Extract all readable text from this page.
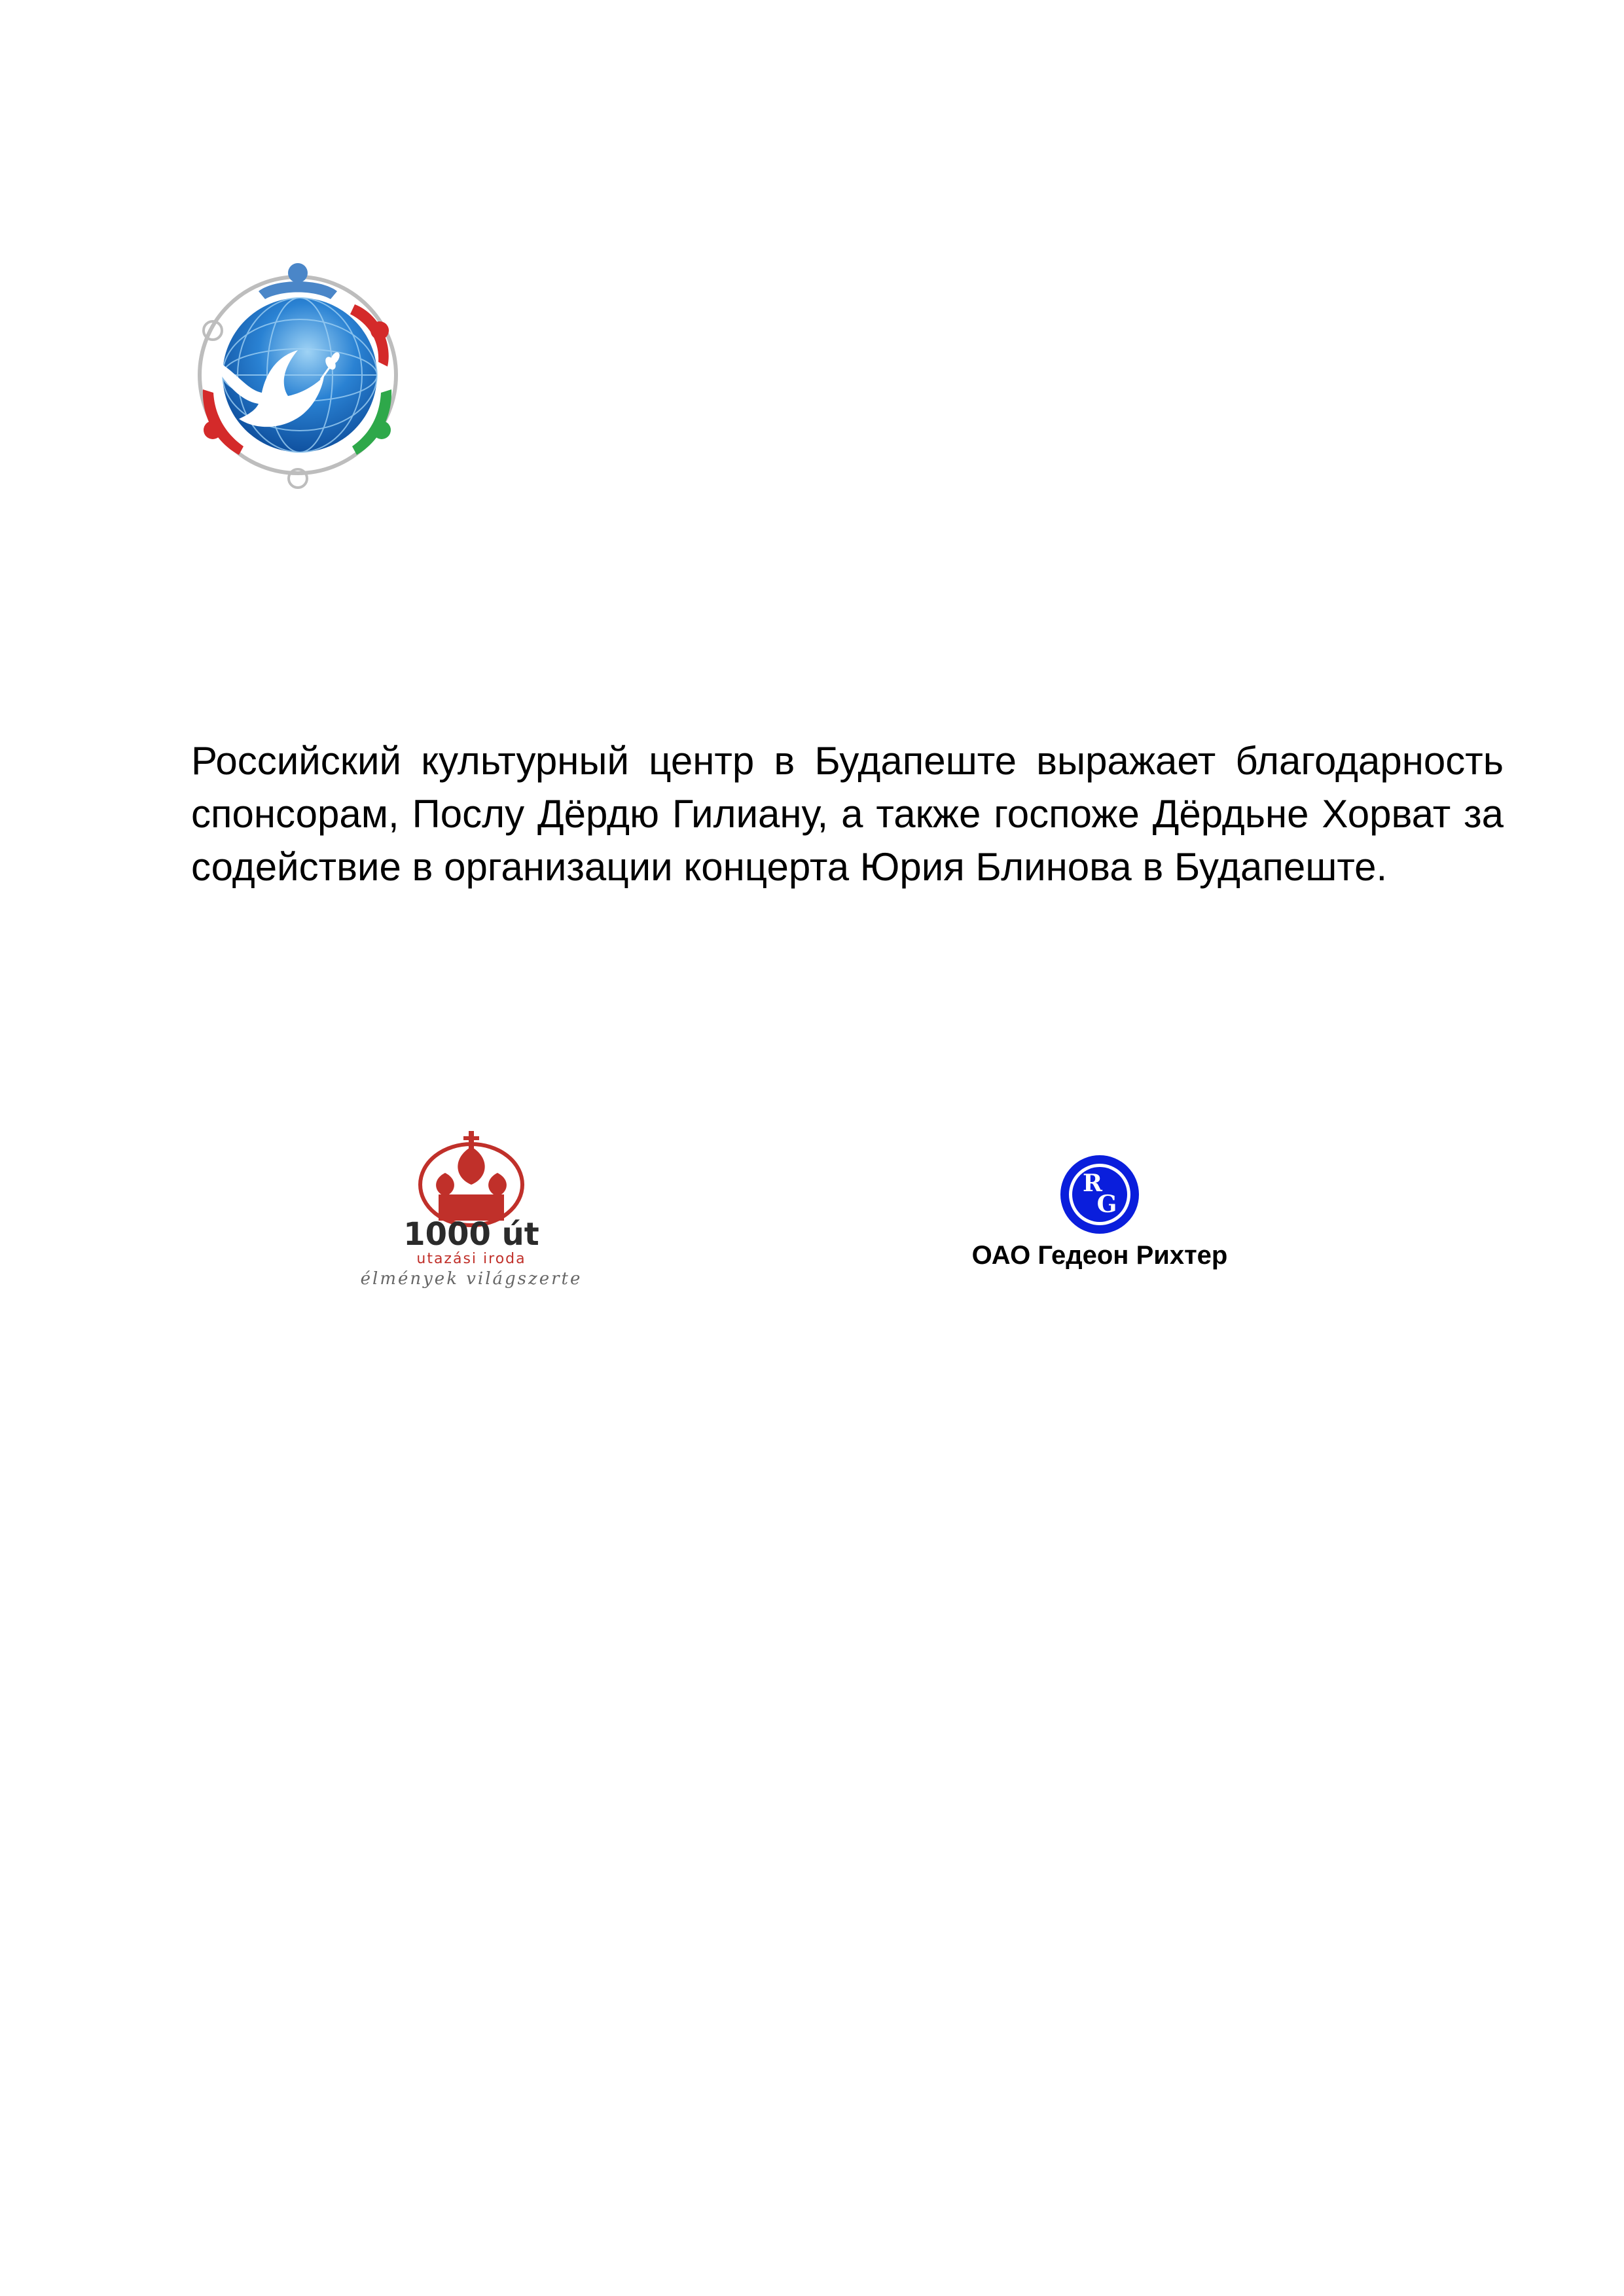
Российский культурный центр в Будапеште выражает благодарность спонсорам, Послу Дёрдю Гилиану, а также госпоже Дёрдьне Хорват за содействие в организации концерта Юрия Блинова в Будапеште.

1000 út
utazási iroda
élmények világszerte
R
G
ОАО Гедеон Рихтер
